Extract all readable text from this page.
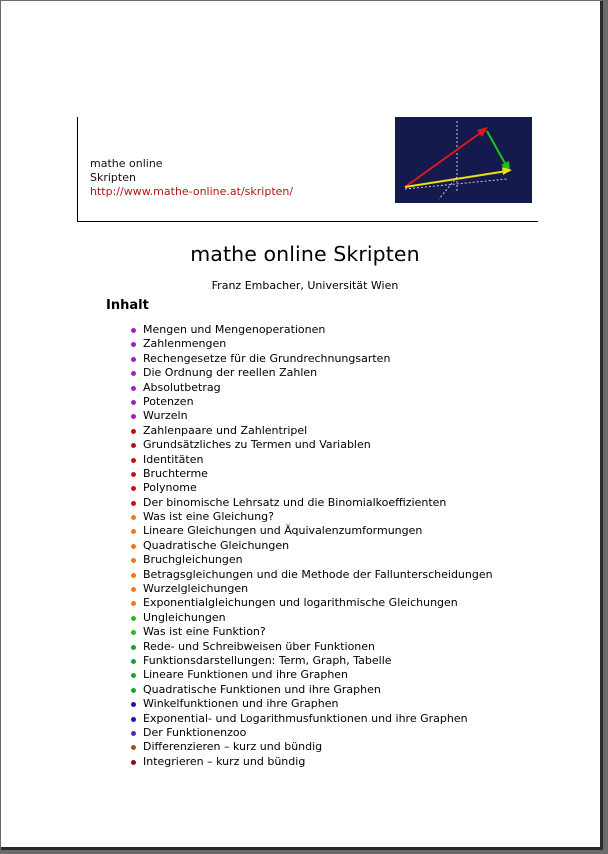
mathe online
Skripten
http://www.mathe-online.at/skripten/
mathe online Skripten
Franz Embacher, Universität Wien
Inhalt
Mengen und Mengenoperationen
Zahlenmengen
Rechengesetze für die Grundrechnungsarten
Die Ordnung der reellen Zahlen
Absolutbetrag
Potenzen
Wurzeln
Zahlenpaare und Zahlentripel
Grundsätzliches zu Termen und Variablen
Identitäten
Bruchterme
Polynome
Der binomische Lehrsatz und die Binomialkoeffizienten
Was ist eine Gleichung?
Lineare Gleichungen und Äquivalenzumformungen
Quadratische Gleichungen
Bruchgleichungen
Betragsgleichungen und die Methode der Fallunterscheidungen
Wurzelgleichungen
Exponentialgleichungen und logarithmische Gleichungen
Ungleichungen
Was ist eine Funktion?
Rede- und Schreibweisen über Funktionen
Funktionsdarstellungen: Term, Graph, Tabelle
Lineare Funktionen und ihre Graphen
Quadratische Funktionen und ihre Graphen
Winkelfunktionen und ihre Graphen
Exponential- und Logarithmusfunktionen und ihre Graphen
Der Funktionenzoo
Differenzieren – kurz und bündig
Integrieren – kurz und bündig
